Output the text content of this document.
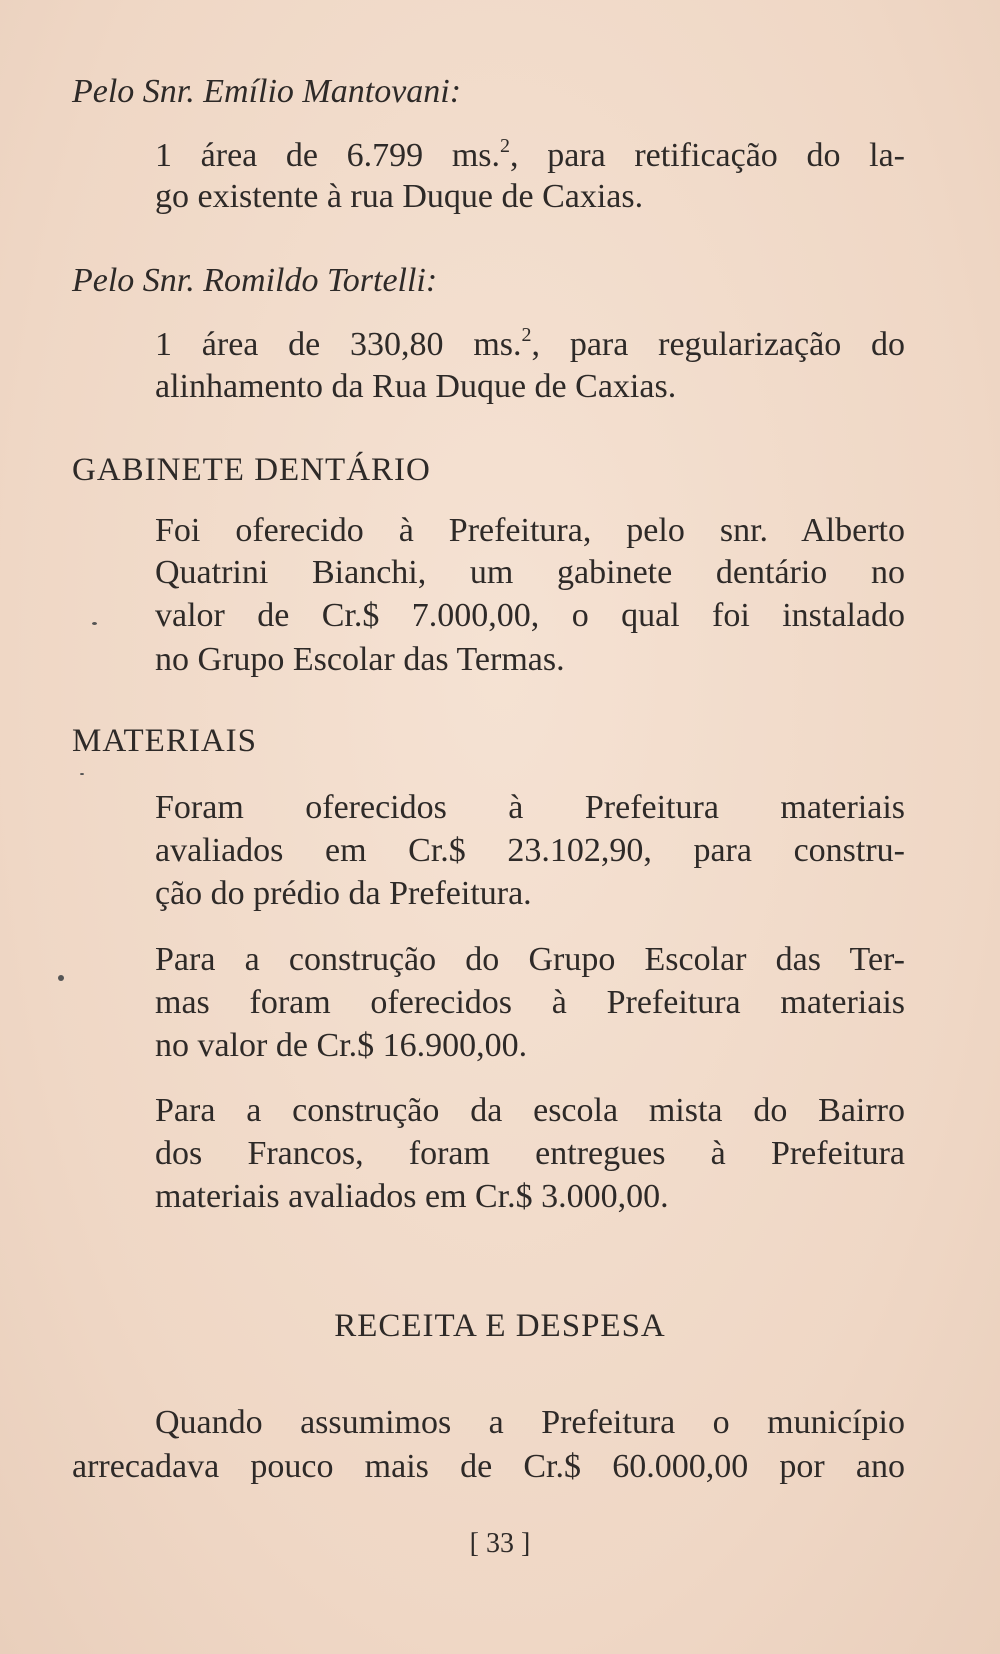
Pelo Snr. Emílio Mantovani:
1 área de 6.799 ms.$^2$, para retificação do la-
go existente à rua Duque de Caxias.
Pelo Snr. Romildo Tortelli:
1 área de 330,80 ms.$^2$, para regularização do
alinhamento da Rua Duque de Caxias.
GABINETE DENTÁRIO
Foi oferecido à Prefeitura, pelo snr. Alberto
Quatrini Bianchi, um gabinete dentário no
valor de Cr.$ 7.000,00, o qual foi instalado
no Grupo Escolar das Termas.
MATERIAIS
Foram oferecidos à Prefeitura materiais
avaliados em Cr.$ 23.102,90, para constru-
ção do prédio da Prefeitura.
Para a construção do Grupo Escolar das Ter-
mas foram oferecidos à Prefeitura materiais
no valor de Cr.$ 16.900,00.
Para a construção da escola mista do Bairro
dos Francos, foram entregues à Prefeitura
materiais avaliados em Cr.$ 3.000,00.
RECEITA E DESPESA
Quando assumimos a Prefeitura o município
arrecadava pouco mais de Cr.$ 60.000,00 por ano
[ 33 ]
